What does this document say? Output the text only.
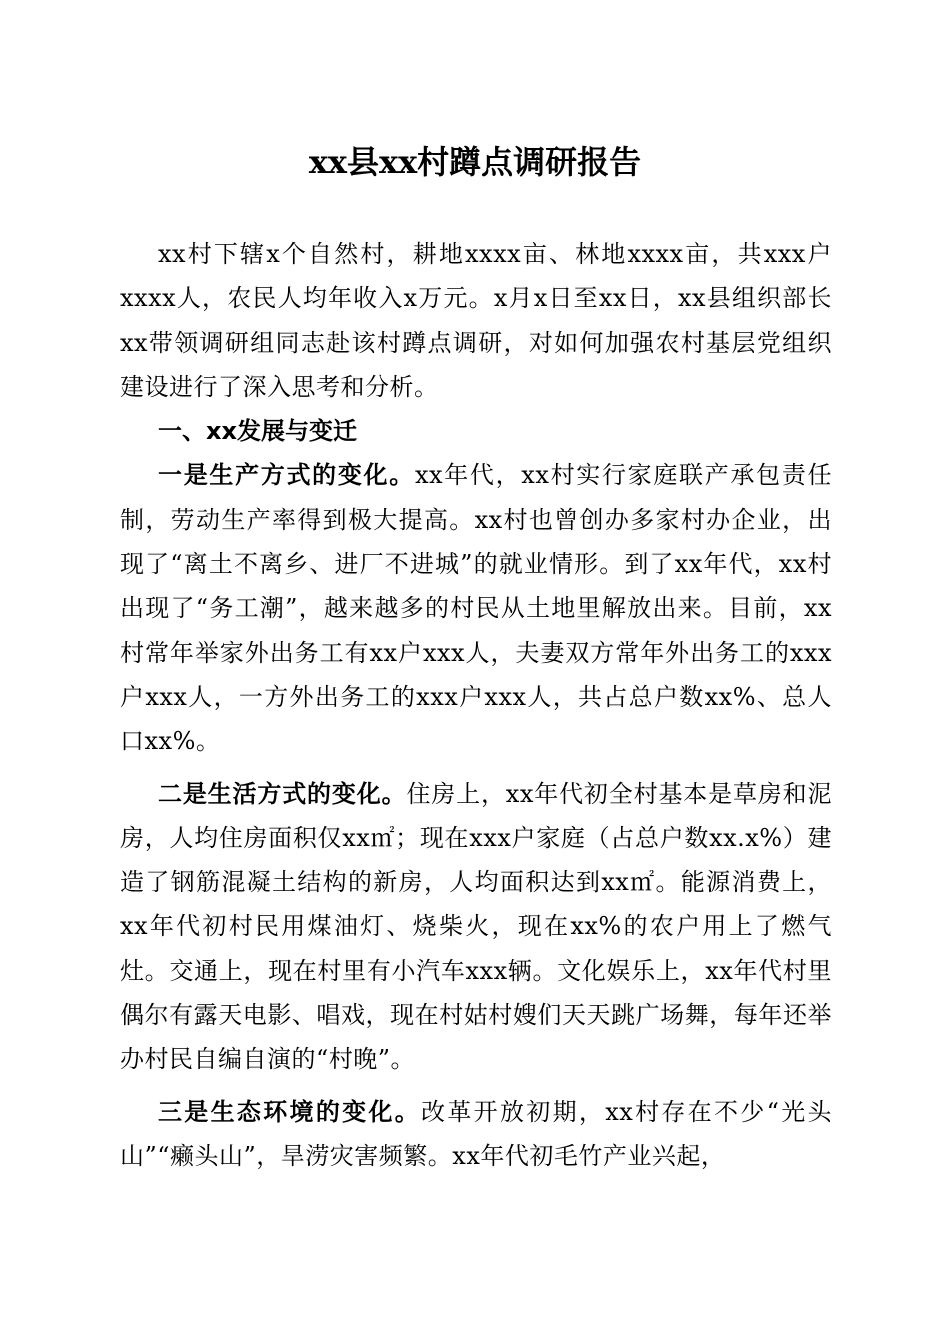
xx县xx村蹲点调研报告

xx村下辖x个自然村，耕地xxxx亩、林地xxxx亩，共xxx户xxxx人，农民人均年收入x万元。x月x日至xx日，xx县组织部长xx带领调研组同志赴该村蹲点调研，对如何加强农村基层党组织建设进行了深入思考和分析。

一、xx发展与变迁

一是生产方式的变化。xx年代，xx村实行家庭联产承包责任制，劳动生产率得到极大提高。xx村也曾创办多家村办企业，出现了“离土不离乡、进厂不进城”的就业情形。到了xx年代，xx村出现了“务工潮”，越来越多的村民从土地里解放出来。目前，xx村常年举家外出务工有xx户xxx人，夫妻双方常年外出务工的xxx户xxx人，一方外出务工的xxx户xxx人，共占总户数xx%、总人口xx%。

二是生活方式的变化。住房上，xx年代初全村基本是草房和泥房，人均住房面积仅xx㎡；现在xxx户家庭（占总户数xx.x%）建造了钢筋混凝土结构的新房，人均面积达到xx㎡。能源消费上，xx年代初村民用煤油灯、烧柴火，现在xx%的农户用上了燃气灶。交通上，现在村里有小汽车xxx辆。文化娱乐上，xx年代村里偶尔有露天电影、唱戏，现在村姑村嫂们天天跳广场舞，每年还举办村民自编自演的“村晚”。

三是生态环境的变化。改革开放初期，xx村存在不少“光头山”“癞头山”，旱涝灾害频繁。xx年代初毛竹产业兴起，
